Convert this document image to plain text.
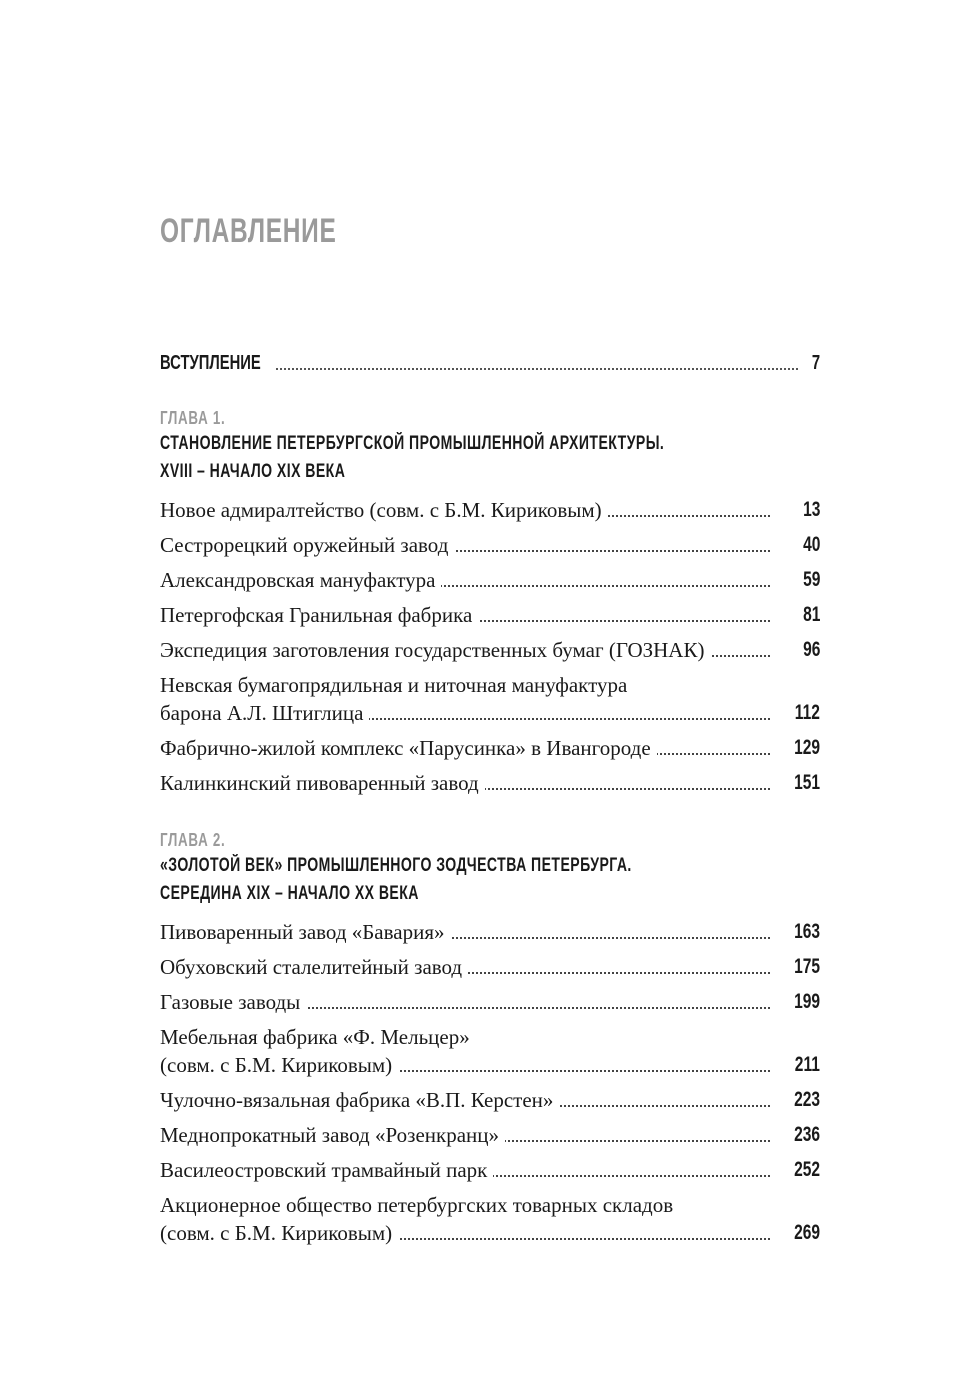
ОГЛАВЛЕНИЕ
ВСТУПЛЕНИЕ	7
ГЛАВА 1.
СТАНОВЛЕНИЕ ПЕТЕРБУРГСКОЙ ПРОМЫШЛЕННОЙ АРХИТЕКТУРЫ.
XVIII – НАЧАЛО XIX ВЕКА
Новое адмиралтейство (совм. с Б.М. Кириковым)	13
Сестрорецкий оружейный завод	40
Александровская мануфактура	59
Петергофская Гранильная фабрика	81
Экспедиция заготовления государственных бумаг (ГОЗНАК)	96
Невская бумагопрядильная и ниточная мануфактура
барона А.Л. Штиглица	112
Фабрично-жилой комплекс «Парусинка» в Ивангороде	129
Калинкинский пивоваренный завод	151
ГЛАВА 2.
«ЗОЛОТОЙ ВЕК» ПРОМЫШЛЕННОГО ЗОДЧЕСТВА ПЕТЕРБУРГА.
СЕРЕДИНА XIX – НАЧАЛО XX ВЕКА
Пивоваренный завод «Бавария»	163
Обуховский сталелитейный завод	175
Газовые заводы	199
Мебельная фабрика «Ф. Мельцер»
(совм. с Б.М. Кириковым)	211
Чулочно-вязальная фабрика «В.П. Керстен»	223
Меднопрокатный завод «Розенкранц»	236
Василеостровский трамвайный парк	252
Акционерное общество петербургских товарных складов
(совм. с Б.М. Кириковым)	269
